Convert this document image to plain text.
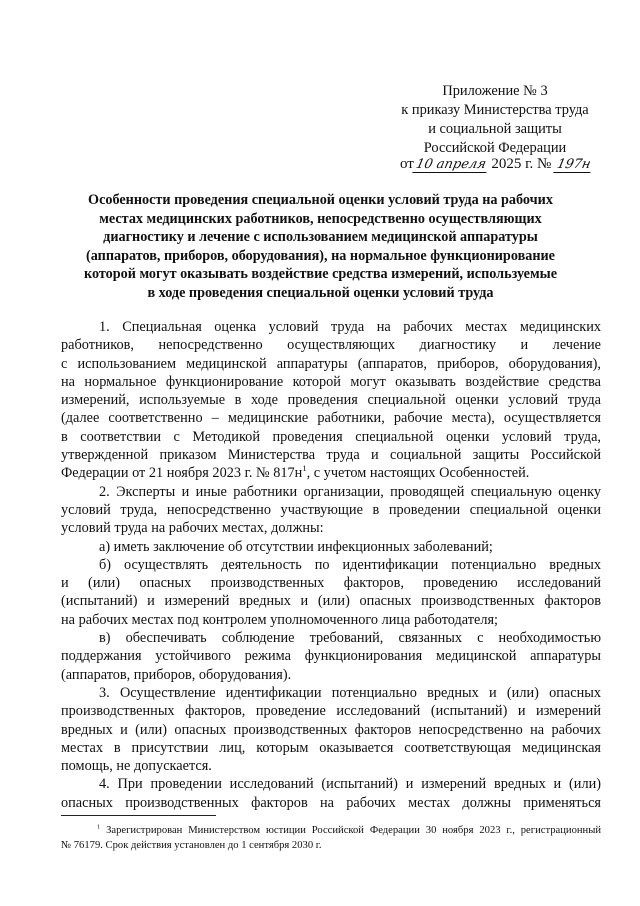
Приложение № 3
к приказу Министерства труда
и социальной защиты
Российской Федерации
от10 апреля 2025 г. № 197н
Особенности проведения специальной оценки условий труда на рабочих
местах медицинских работников, непосредственно осуществляющих
диагностику и лечение с использованием медицинской аппаратуры
(аппаратов, приборов, оборудования), на нормальное функционирование
которой могут оказывать воздействие средства измерений, используемые
в ходе проведения специальной оценки условий труда

1. Специальная оценка условий труда на рабочих местах медицинских
работников, непосредственно осуществляющих диагностику и лечение
с использованием медицинской аппаратуры (аппаратов, приборов, оборудования),
на нормальное функционирование которой могут оказывать воздействие средства
измерений, используемые в ходе проведения специальной оценки условий труда
(далее соответственно – медицинские работники, рабочие места), осуществляется
в соответствии с Методикой проведения специальной оценки условий труда,
утвержденной приказом Министерства труда и социальной защиты Российской
Федерации от 21 ноября 2023 г. № $817н^1$, с учетом настоящих Особенностей.

2. Эксперты и иные работники организации, проводящей специальную оценку
условий труда, непосредственно участвующие в проведении специальной оценки
условий труда на рабочих местах, должны:

а) иметь заключение об отсутствии инфекционных заболеваний;

б) осуществлять деятельность по идентификации потенциально вредных
и (или) опасных производственных факторов, проведению исследований
(испытаний) и измерений вредных и (или) опасных производственных факторов
на рабочих местах под контролем уполномоченного лица работодателя;

в) обеспечивать соблюдение требований, связанных с необходимостью
поддержания устойчивого режима функционирования медицинской аппаратуры
(аппаратов, приборов, оборудования).

3. Осуществление идентификации потенциально вредных и (или) опасных
производственных факторов, проведение исследований (испытаний) и измерений
вредных и (или) опасных производственных факторов непосредственно на рабочих
местах в присутствии лиц, которым оказывается соответствующая медицинская
помощь, не допускается.

4. При проведении исследований (испытаний) и измерений вредных и (или)
опасных производственных факторов на рабочих местах должны применяться

$^1$ Зарегистрирован Министерством юстиции Российской Федерации 30 ноября 2023 г., регистрационный
№ 76179. Срок действия установлен до 1 сентября 2030 г.
